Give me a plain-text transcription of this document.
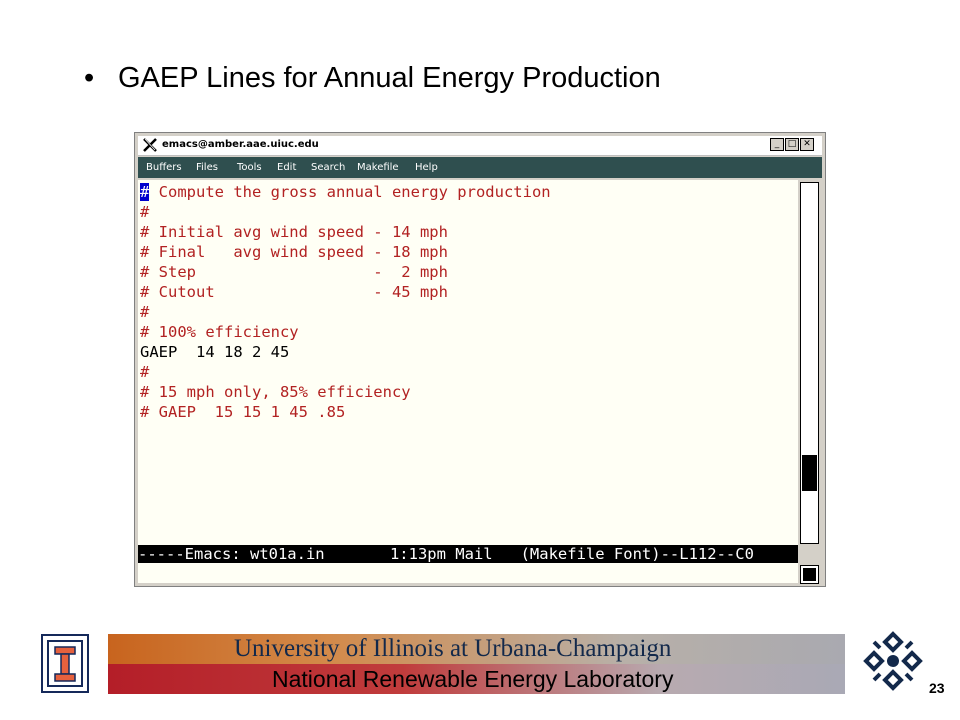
• GAEP Lines for Annual Energy Production
emacs@amber.aae.uiuc.edu	_ □ ✕
Buffers Files Tools Edit Search Makefile Help
# Compute the gross annual energy production
#
# Initial avg wind speed - 14 mph
# Final   avg wind speed - 18 mph
# Step                   -  2 mph
# Cutout                 - 45 mph
#
# 100% efficiency
GAEP  14 18 2 45
#
# 15 mph only, 85% efficiency
# GAEP  15 15 1 45 .85
-----Emacs: wt01a.in       1:13pm Mail   (Makefile Font)--L112--C0
University of Illinois at Urbana-Champaign
National Renewable Energy Laboratory	23
